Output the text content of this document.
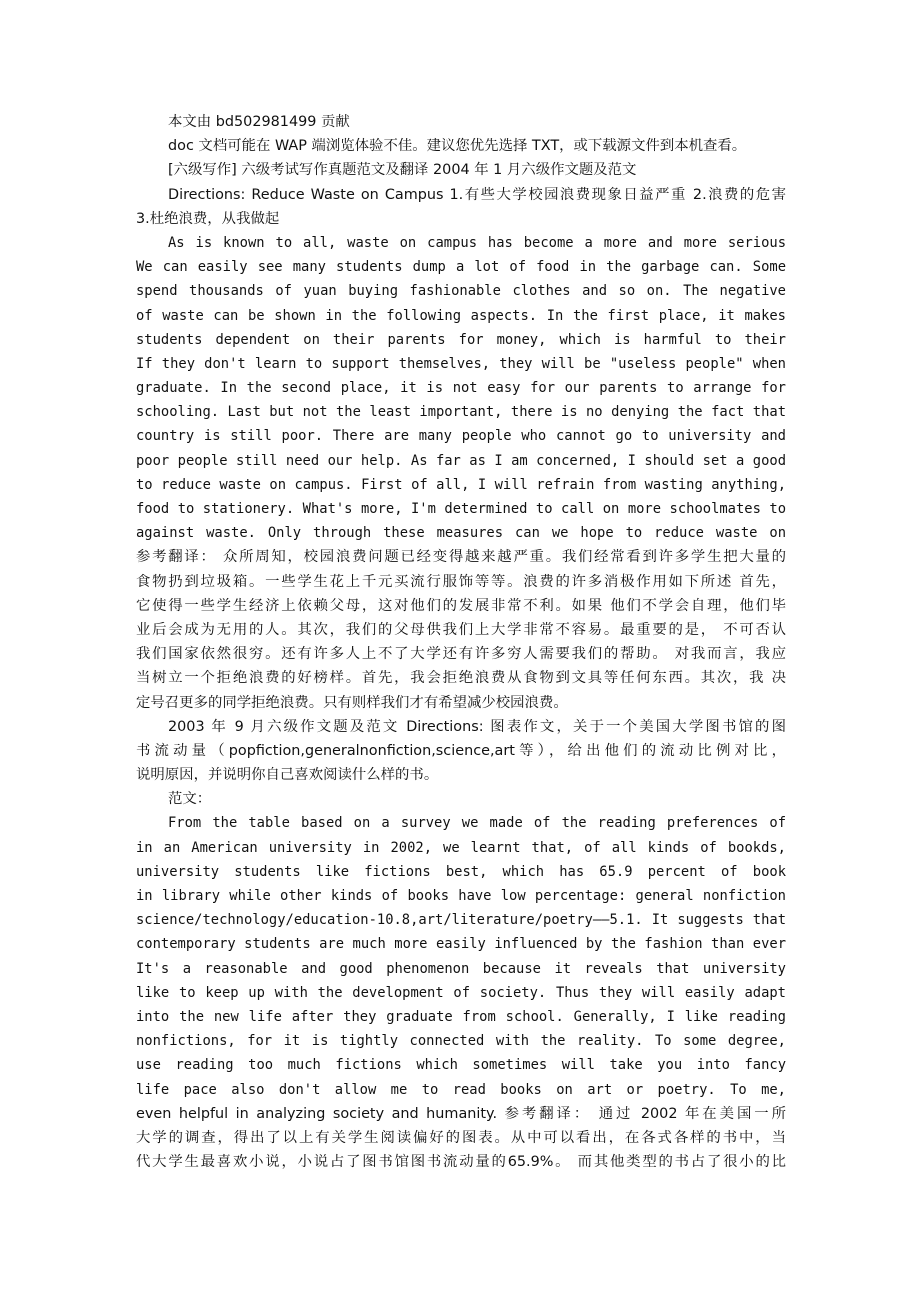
本文由 bd502981499 贡献
doc 文档可能在 WAP 端浏览体验不佳。建议您优先选择 TXT，或下载源文件到本机查看。
[六级写作] 六级考试写作真题范文及翻译 2004 年 1 月六级作文题及范文
Directions: Reduce Waste on Campus 1.有些大学校园浪费现象日益严重 2.浪费的危害
3.杜绝浪费，从我做起
As is known to all, waste on campus has become a more and more serious
We can easily see many students dump a lot of food in the garbage can. Some
spend thousands of yuan buying fashionable clothes and so on. The negative
of waste can be shown in the following aspects. In the first place, it makes
students dependent on their parents for money, which is harmful to their
If they don't learn to support themselves, they will be "useless people" when
graduate. In the second place, it is not easy for our parents to arrange for
schooling. Last but not the least important, there is no denying the fact that
country is still poor. There are many people who cannot go to university and
poor people still need our help. As far as I am concerned, I should set a good
to reduce waste on campus. First of all, I will refrain from wasting anything,
food to stationery. What's more, I'm determined to call on more schoolmates to
against waste. Only through these measures can we hope to reduce waste on
参考翻译： 众所周知，校园浪费问题已经变得越来越严重。我们经常看到许多学生把大量的
食物扔到垃圾箱。一些学生花上千元买流行服饰等等。浪费的许多消极作用如下所述 首先，
它使得一些学生经济上依赖父母，这对他们的发展非常不利。如果 他们不学会自理，他们毕
业后会成为无用的人。其次，我们的父母供我们上大学非常不容易。最重要的是， 不可否认
我们国家依然很穷。还有许多人上不了大学还有许多穷人需要我们的帮助。 对我而言，我应
当树立一个拒绝浪费的好榜样。首先，我会拒绝浪费从食物到文具等任何东西。其次，我 决
定号召更多的同学拒绝浪费。只有则样我们才有希望减少校园浪费。
2003 年 9 月六级作文题及范文 Directions: 图表作文，关于一个美国大学图书馆的图
书流动量（popfiction,generalnonfiction,science,art等），给出他们的流动比例对比，
说明原因，并说明你自己喜欢阅读什么样的书。
范文：
From the table based on a survey we made of the reading preferences of
in an American university in 2002, we learnt that, of all kinds of bookds,
university students like fictions best, which has 65.9 percent of book
in library while other kinds of books have low percentage: general nonfiction
science/technology/education-10.8,art/literature/poetry——5.1. It suggests that
contemporary students are much more easily influenced by the fashion than ever
It's a reasonable and good phenomenon because it reveals that university
like to keep up with the development of society. Thus they will easily adapt
into the new life after they graduate from school. Generally, I like reading
nonfictions, for it is tightly connected with the reality. To some degree,
use reading too much fictions which sometimes will take you into fancy
life pace also don't allow me to read books on art or poetry. To me,
even helpful in analyzing society and humanity. 参考翻译： 通过 2002 年在美国一所
大学的调查，得出了以上有关学生阅读偏好的图表。从中可以看出，在各式各样的书中，当
代大学生最喜欢小说，小说占了图书馆图书流动量的65.9%。 而其他类型的书占了很小的比
